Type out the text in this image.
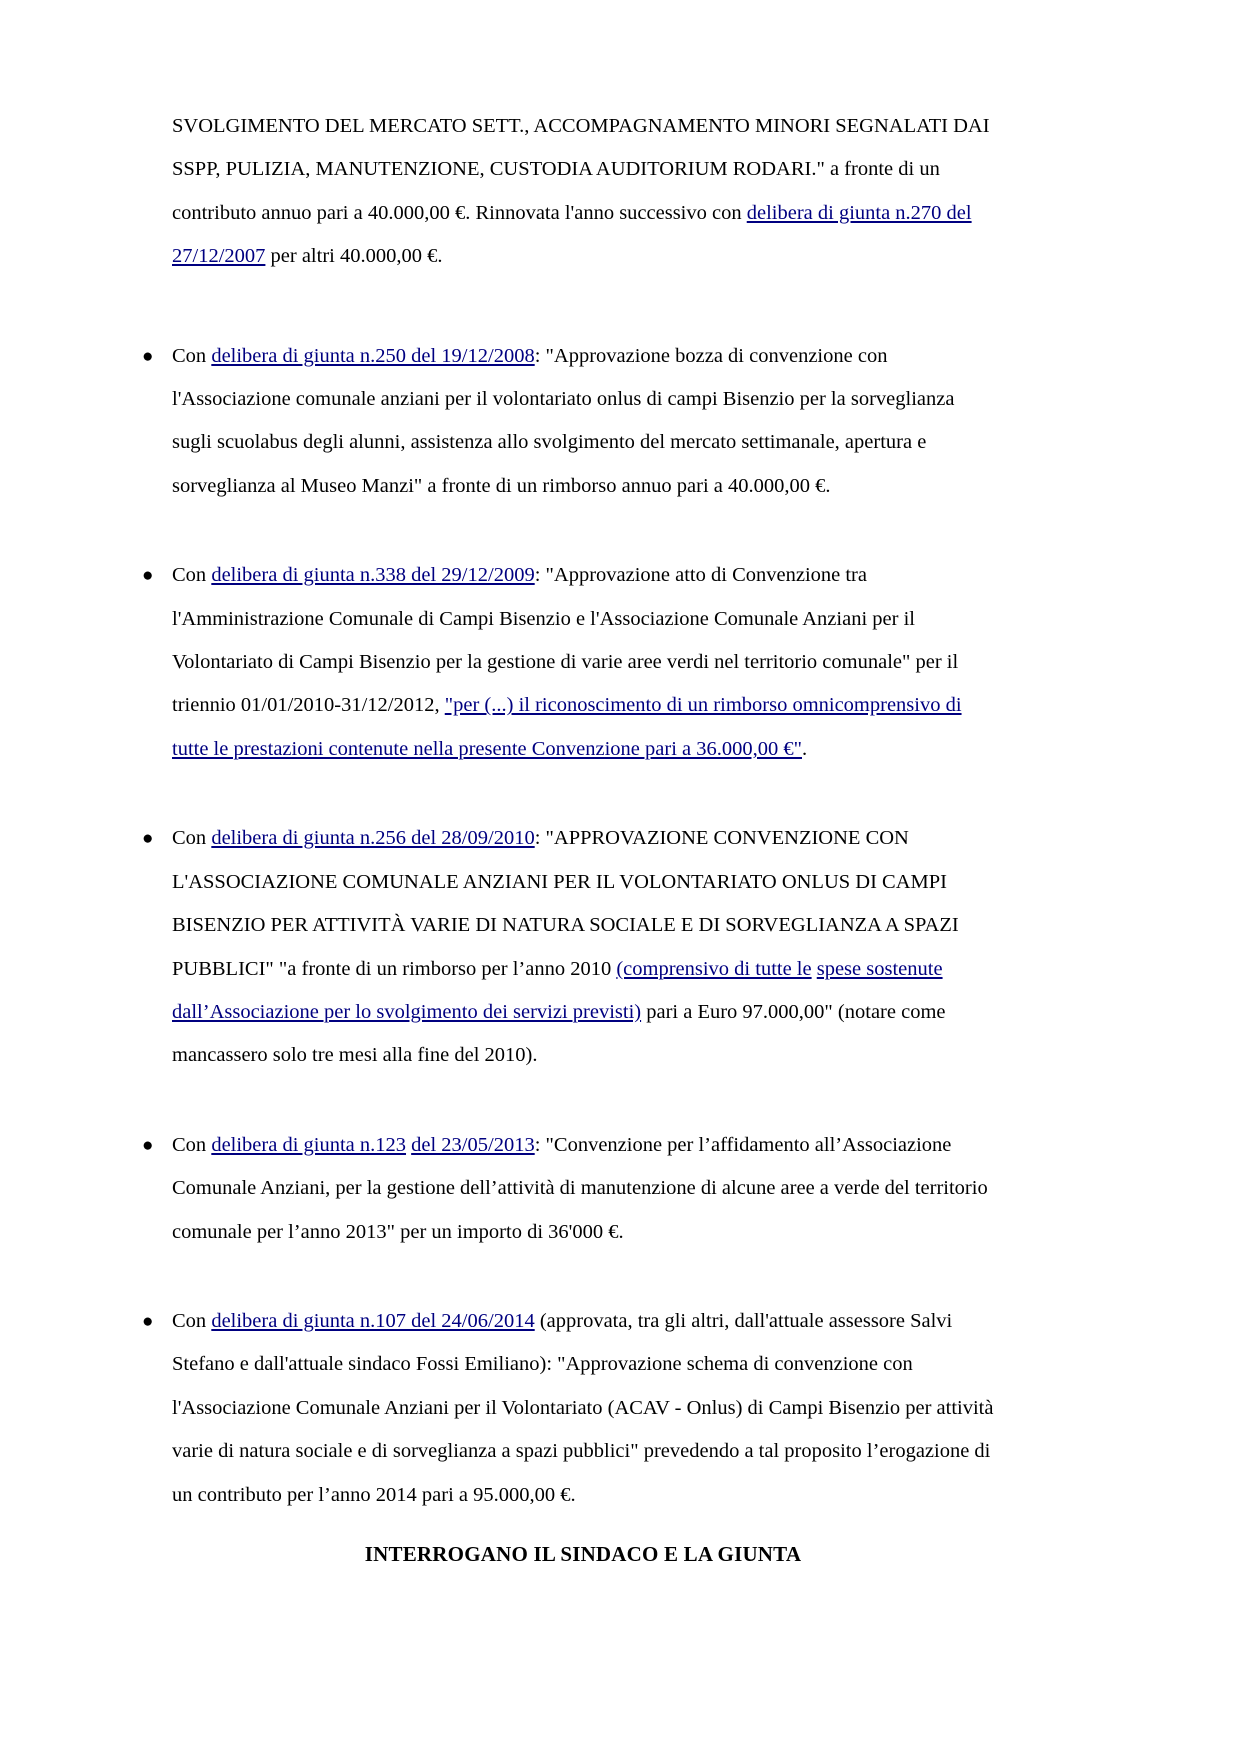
SVOLGIMENTO DEL MERCATO SETT., ACCOMPAGNAMENTO MINORI SEGNALATI DAI SSPP, PULIZIA, MANUTENZIONE, CUSTODIA AUDITORIUM RODARI." a fronte di un contributo annuo pari a 40.000,00 €. Rinnovata l'anno successivo con delibera di giunta n.270 del 27/12/2007 per altri 40.000,00 €.

● Con delibera di giunta n.250 del 19/12/2008: "Approvazione bozza di convenzione con l'Associazione comunale anziani per il volontariato onlus di campi Bisenzio per la sorveglianza sugli scuolabus degli alunni, assistenza allo svolgimento del mercato settimanale, apertura e sorveglianza al Museo Manzi" a fronte di un rimborso annuo pari a 40.000,00 €.
● Con delibera di giunta n.338 del 29/12/2009: "Approvazione atto di Convenzione tra l'Amministrazione Comunale di Campi Bisenzio e l'Associazione Comunale Anziani per il Volontariato di Campi Bisenzio per la gestione di varie aree verdi nel territorio comunale" per il triennio 01/01/2010-31/12/2012, "per (...) il riconoscimento di un rimborso omnicomprensivo di tutte le prestazioni contenute nella presente Convenzione pari a 36.000,00 €".
● Con delibera di giunta n.256 del 28/09/2010: "APPROVAZIONE CONVENZIONE CON L'ASSOCIAZIONE COMUNALE ANZIANI PER IL VOLONTARIATO ONLUS DI CAMPI BISENZIO PER ATTIVITÀ VARIE DI NATURA SOCIALE E DI SORVEGLIANZA A SPAZI PUBBLICI" "a fronte di un rimborso per l’anno 2010 (comprensivo di tutte le spese sostenute dall’Associazione per lo svolgimento dei servizi previsti) pari a Euro 97.000,00" (notare come mancassero solo tre mesi alla fine del 2010).
● Con delibera di giunta n.123 del 23/05/2013: "Convenzione per l’affidamento all’Associazione Comunale Anziani, per la gestione dell’attività di manutenzione di alcune aree a verde del territorio comunale per l’anno 2013" per un importo di 36'000 €.
● Con delibera di giunta n.107 del 24/06/2014 (approvata, tra gli altri, dall'attuale assessore Salvi Stefano e dall'attuale sindaco Fossi Emiliano): "Approvazione schema di convenzione con l'Associazione Comunale Anziani per il Volontariato (ACAV - Onlus) di Campi Bisenzio per attività varie di natura sociale e di sorveglianza a spazi pubblici" prevedendo a tal proposito l’erogazione di un contributo per l’anno 2014 pari a 95.000,00 €.

INTERROGANO IL SINDACO E LA GIUNTA
